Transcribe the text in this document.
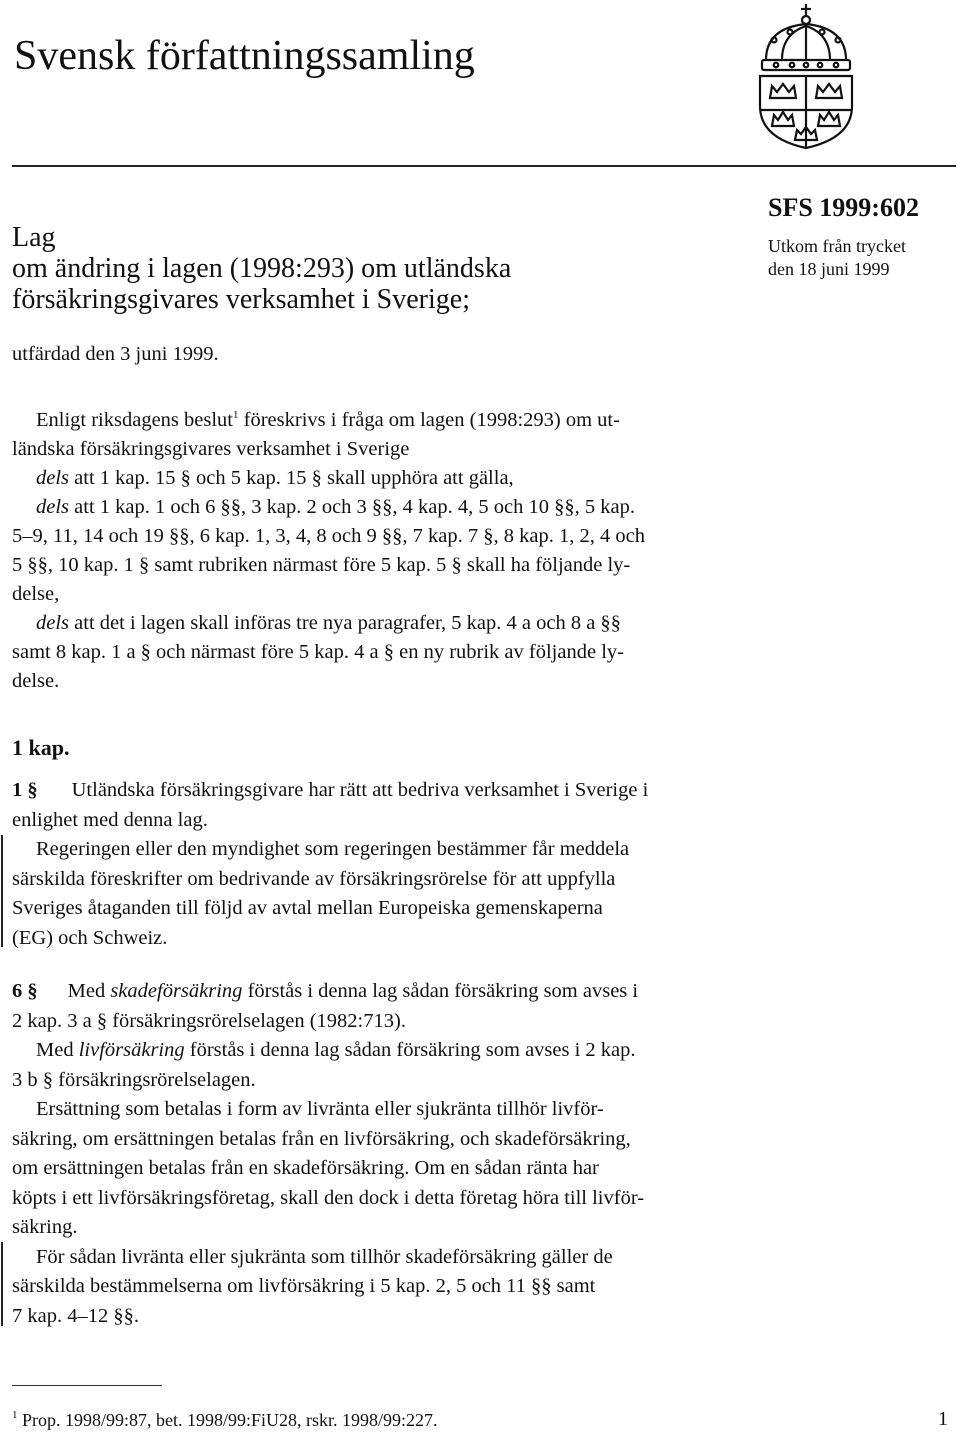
Svensk författningssamling
Lag
om ändring i lagen (1998:293) om utländska
försäkringsgivares verksamhet i Sverige;
SFS 1999:602
Utkom från trycket
den 18 juni 1999
utfärdad den 3 juni 1999.
Enligt riksdagens beslut$^1$ föreskrivs i fråga om lagen (1998:293) om ut-
ländska försäkringsgivares verksamhet i Sverige
dels att 1 kap. 15 § och 5 kap. 15 § skall upphöra att gälla,
dels att 1 kap. 1 och 6 §§, 3 kap. 2 och 3 §§, 4 kap. 4, 5 och 10 §§, 5 kap.
5–9, 11, 14 och 19 §§, 6 kap. 1, 3, 4, 8 och 9 §§, 7 kap. 7 §, 8 kap. 1, 2, 4 och
5 §§, 10 kap. 1 § samt rubriken närmast före 5 kap. 5 § skall ha följande ly-
delse,
dels att det i lagen skall införas tre nya paragrafer, 5 kap. 4 a och 8 a §§
samt 8 kap. 1 a § och närmast före 5 kap. 4 a § en ny rubrik av följande ly-
delse.
1 kap.
1 § Utländska försäkringsgivare har rätt att bedriva verksamhet i Sverige i
enlighet med denna lag.
Regeringen eller den myndighet som regeringen bestämmer får meddela
särskilda föreskrifter om bedrivande av försäkringsrörelse för att uppfylla
Sveriges åtaganden till följd av avtal mellan Europeiska gemenskaperna
(EG) och Schweiz.
6 § Med skadeförsäkring förstås i denna lag sådan försäkring som avses i
2 kap. 3 a § försäkringsrörelselagen (1982:713).
Med livförsäkring förstås i denna lag sådan försäkring som avses i 2 kap.
3 b § försäkringsrörelselagen.
Ersättning som betalas i form av livränta eller sjukränta tillhör livför-
säkring, om ersättningen betalas från en livförsäkring, och skadeförsäkring,
om ersättningen betalas från en skadeförsäkring. Om en sådan ränta har
köpts i ett livförsäkringsföretag, skall den dock i detta företag höra till livför-
säkring.
För sådan livränta eller sjukränta som tillhör skadeförsäkring gäller de
särskilda bestämmelserna om livförsäkring i 5 kap. 2, 5 och 11 §§ samt
7 kap. 4–12 §§.
$^1$ Prop. 1998/99:87, bet. 1998/99:FiU28, rskr. 1998/99:227.	1
